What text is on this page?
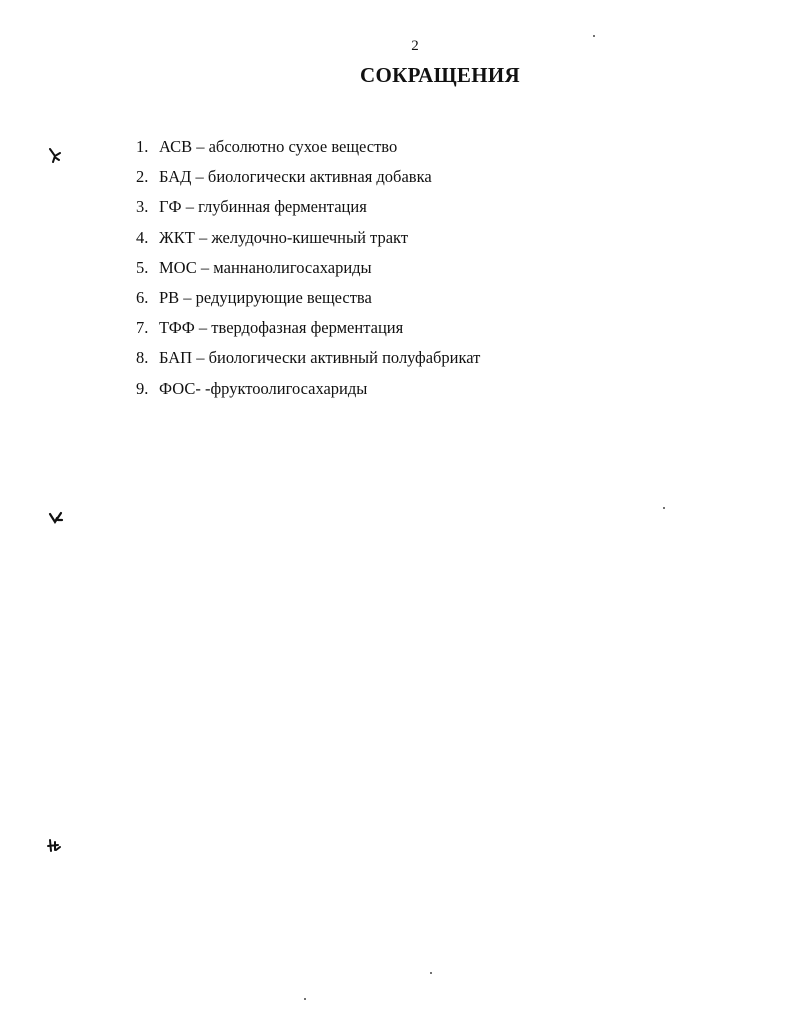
2
СОКРАЩЕНИЯ
1. АСВ – абсолютно сухое вещество
2. БАД – биологически активная добавка
3. ГФ – глубинная ферментация
4. ЖКТ – желудочно-кишечный тракт
5. МОС – маннанолигосахариды
6. РВ – редуцирующие вещества
7. ТФФ – твердофазная ферментация
8. БАП – биологически активный полуфабрикат
9. ФОС- -фруктоолигосахариды
